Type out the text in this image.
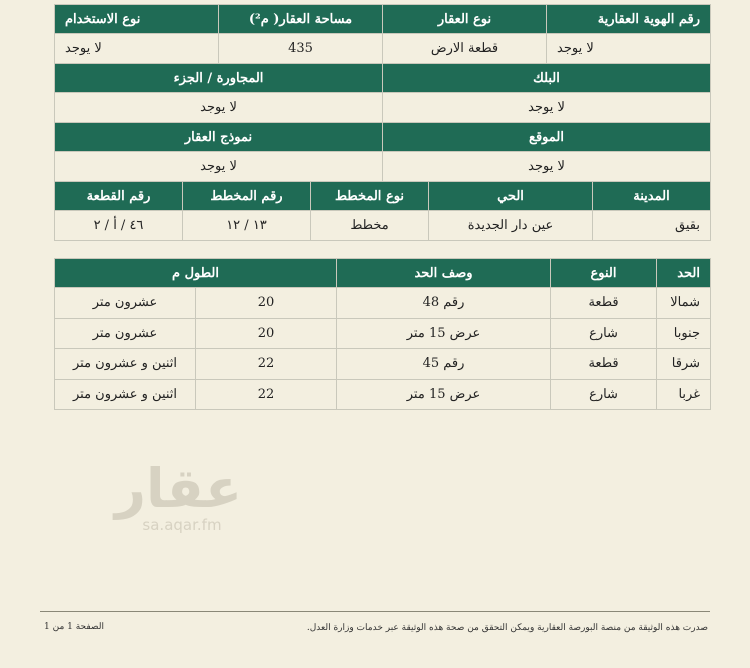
رقم الهوية العقارية	نوع العقار	مساحة العقار( م²)	نوع الاستخدام
لا يوجد	قطعة الارض	435	لا يوجد
البلك	المجاورة / الجزء
لا يوجد	لا يوجد
الموقع	نموذج العقار
لا يوجد	لا يوجد
المدينة	الحي	نوع المخطط	رقم المخطط	رقم القطعة
بقيق	عين دار الجديدة	مخطط	١٣ / ١٢	٤٦ / أ / ٢
الحد	النوع	وصف الحد	الطول م	
شمالا	قطعة	رقم 48	20	عشرون متر
جنوبا	شارع	عرض 15 متر	20	عشرون متر
شرقا	قطعة	رقم 45	22	اثنين و عشرون متر
غربا	شارع	عرض 15 متر	22	اثنين و عشرون متر
عقار
sa.aqar.fm
صدرت هذه الوثيقة من منصة البورصة العقارية ويمكن التحقق من صحة هذه الوثيقة عبر خدمات وزارة العدل.
الصفحة 1 من 1
